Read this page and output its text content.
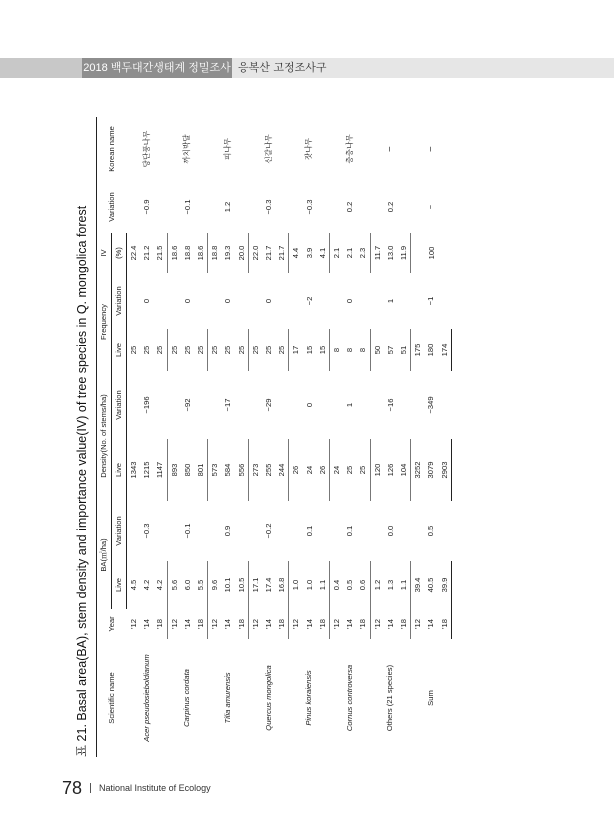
2018 백두대간생태계 정밀조사 응복산 고정조사구
표 21. Basal area(BA), stem density and importance value(IV) of tree species in Q. mongolica forest	Scientific name	Year	BA(㎡/ha)		Density(No. of stems/ha)		Frequency		IV	Variation	Korean name
		Live	Variation	Live	Variation	Live	Variation	(%)		
Acer pseudosieboldianum	'12	4.5	−0.3	1343	−196	25	0	22.4	−0.9	당단풍나무
	'14	4.2		1215		25		21.2		
	'18	4.2		1147		25		21.5		
Carpinus cordata	'12	5.6	−0.1	893	−92	25	0	18.6	−0.1	까치박달
	'14	6.0		850		25		18.8		
	'18	5.5		801		25		18.6		
Tilia amurensis	'12	9.6	0.9	573	−17	25	0	18.8	1.2	피나무
	'14	10.1		584		25		19.3		
	'18	10.5		556		25		20.0		
Quercus mongolica	'12	17.1	−0.2	273	−29	25	0	22.0	−0.3	신갈나무
	'14	17.4		255		25		21.7		
	'18	16.8		244		25		21.7		
Pinus koraiensis	'12	1.0	0.1	26	0	17	−2	4.4	−0.3	잣나무
	'14	1.0		24		15		3.9		
	'18	1.1		26		15		4.1		
Cornus controversa	'12	0.4	0.1	24	1	8	0	2.1	0.2	층층나무
	'14	0.5		25		8		2.1		
	'18	0.6		25		8		2.3		
Others (21 species)	'12	1.2	0.0	120	−16	50	1	11.7	0.2	−
	'14	1.3		126		57		13.0		
	'18	1.1		104		51		11.9		
Sum	'12	39.4	0.5	3252	−349	175	−1	100	−	−
	'14	40.5		3079		180				
	'18	39.9		2903		174				
78 National Institute of Ecology
